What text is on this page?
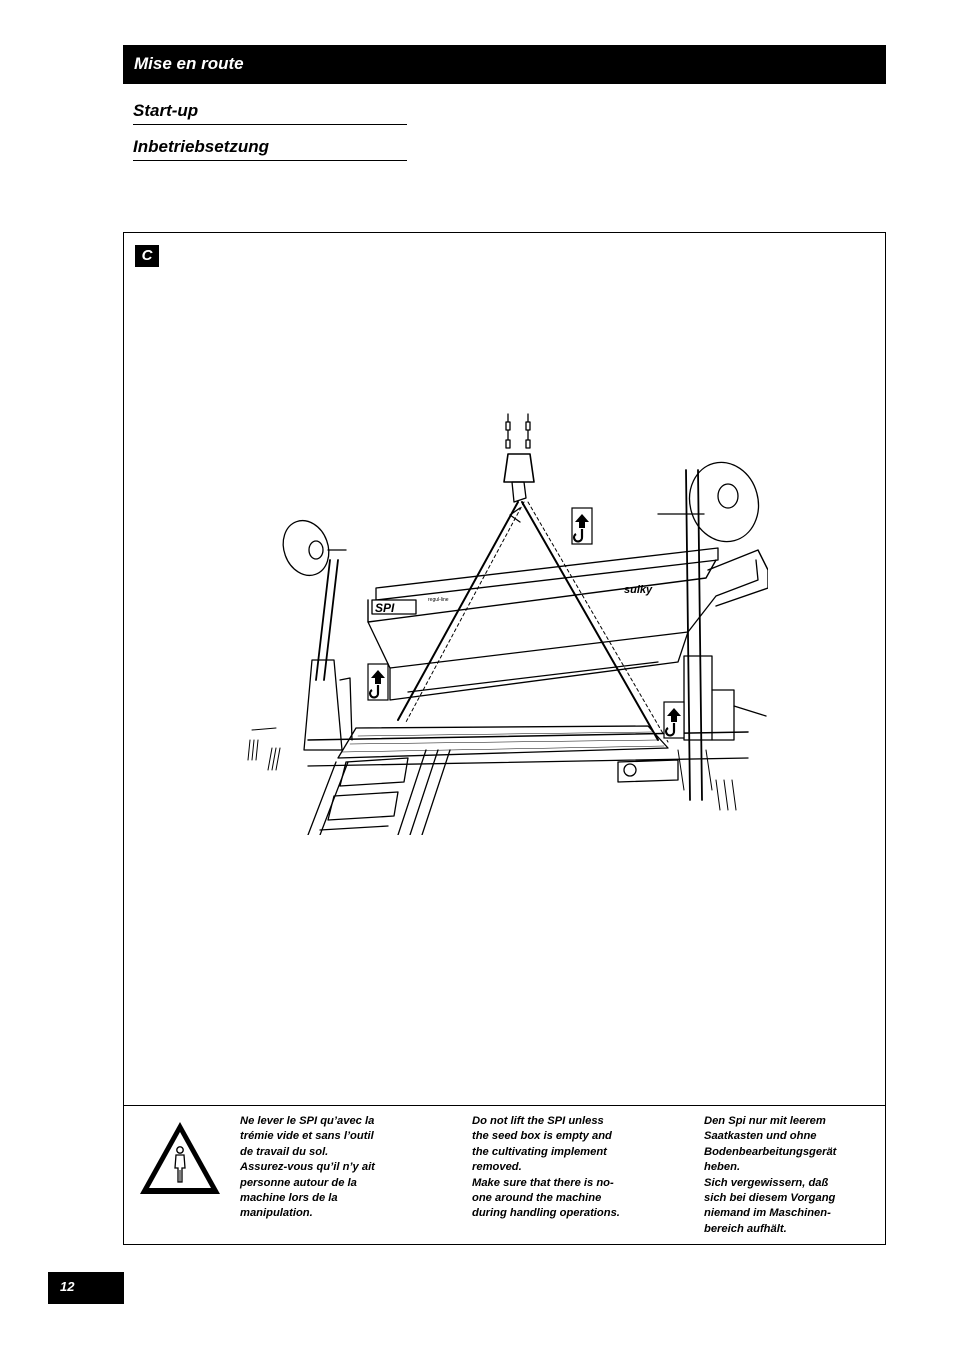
Mise en route
Start-up
Inbetriebsetzung
C
Ne lever le SPI qu’avec la
trémie vide et sans l’outil
de travail du sol.
Assurez-vous qu’il n’y ait
personne autour de la
machine lors de la
manipulation.
Do not lift the SPI unless
the seed box is empty and
the cultivating implement
removed.
Make sure that there is no-
one around the machine
during handling operations.
Den Spi nur mit leerem
Saatkasten und ohne
Bodenbearbeitungsgerät
heben.
Sich vergewissern, daß
sich bei diesem Vorgang
niemand im Maschinen-
bereich aufhält.
SPI
regul-line
sulky
12
